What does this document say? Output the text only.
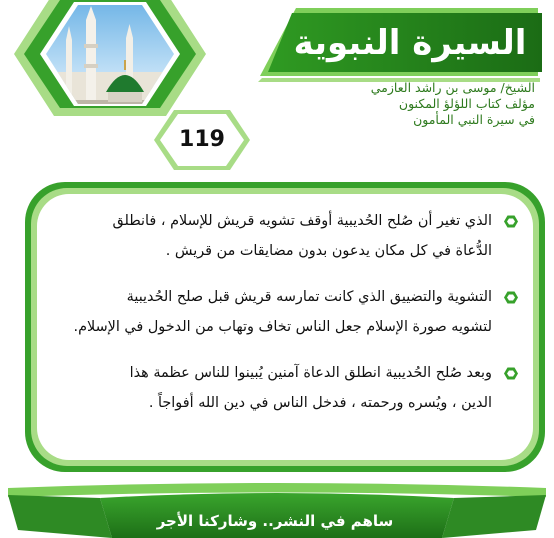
السيرة النبوية
الشيخ/ موسى بن راشد العازمي
مؤلف كتاب اللؤلؤ المكنون
في سيرة النبي المأمون
119
الذي تغير أن صُلح الحُديبية أوقف تشويه قريش للإسلام ، فانطلق
الدُّعاة في كل مكان يدعون بدون مضايقات من قريش .
التشوية والتضييق الذي كانت تمارسه قريش قبل صلح الحُديبية
لتشويه صورة الإسلام جعل الناس تخاف وتهاب من الدخول في الإسلام.
وبعد صُلح الحُديبية انطلق الدعاة آمنين يُبينوا للناس عظمة هذا
الدين ، ويُسره ورحمته ، فدخل الناس في دين الله أفواجاً .
ساهم في النشر.. وشاركنا الأجر
